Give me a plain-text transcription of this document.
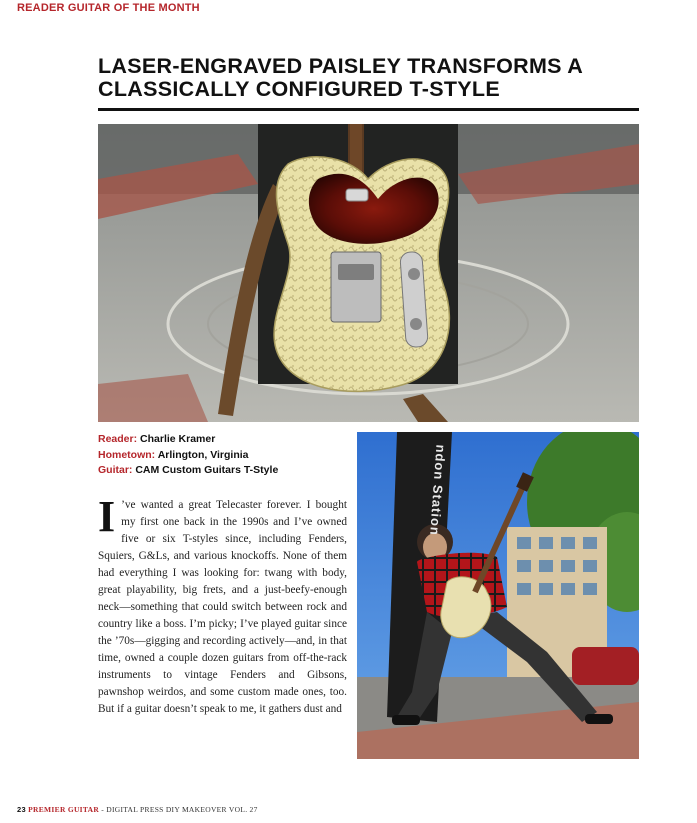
READER GUITAR OF THE MONTH
LASER-ENGRAVED PAISLEY TRANSFORMS A
CLASSICALLY CONFIGURED T-STYLE
Reader: Charlie Kramer
Hometown: Arlington, Virginia
Guitar: CAM Custom Guitars T-Style
I ’ve wanted a great Telecaster forever. I bought my first one back in the 1990s and I’ve owned five or six T-styles since, including Fenders, Squiers, G&Ls, and various knockoffs. None of them had everything I was looking for: twang with body, great playability, big frets, and a just-beefy-enough neck—something that could switch between rock and country like a boss. I’m picky; I’ve played guitar since the ’70s—gigging and recording actively—and, in that time, owned a couple dozen guitars from off-the-rack instruments to vintage Fenders and Gibsons, pawnshop weirdos, and some custom made ones, too. But if a guitar doesn’t speak to me, it gathers dust and
ndon Station
23 PREMIER GUITAR - DIGITAL PRESS DIY MAKEOVER VOL. 27
